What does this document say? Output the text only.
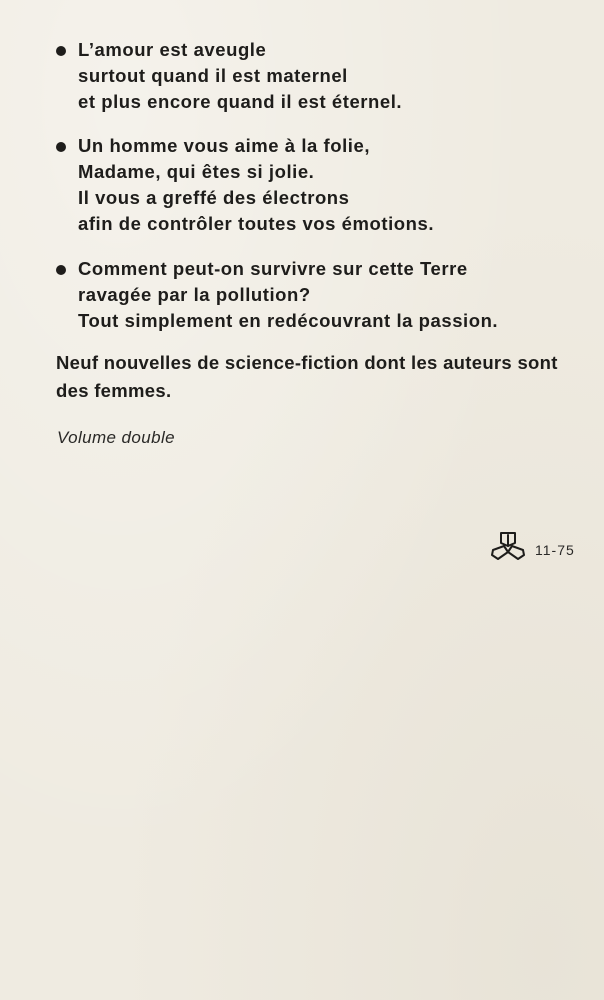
L’amour est aveugle
surtout quand il est maternel
et plus encore quand il est éternel.
Un homme vous aime à la folie,
Madame, qui êtes si jolie.
Il vous a greffé des électrons
afin de contrôler toutes vos émotions.
Comment peut-on survivre sur cette Terre
ravagée par la pollution?
Tout simplement en redécouvrant la passion.

Neuf nouvelles de science-fiction dont les auteurs sont des femmes.

Volume double
11-75
